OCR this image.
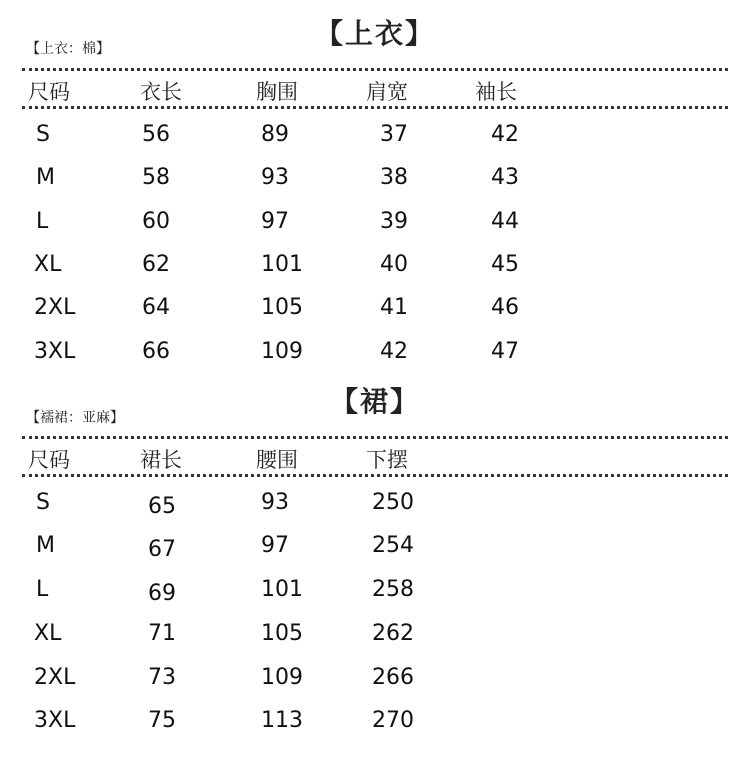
【上衣】
【上衣：棉】
尺码	衣长	胸围	肩宽	袖长
S	56	89	37	42
M	58	93	38	43
L	60	97	39	44
XL	62	101	40	45
2XL	64	105	41	46
3XL	66	109	42	47
【裙】
【襦裙：亚麻】
尺码	裙长	腰围	下摆
S	65	93	250
M	67	97	254
L	69	101	258
XL	71	105	262
2XL	73	109	266
3XL	75	113	270
